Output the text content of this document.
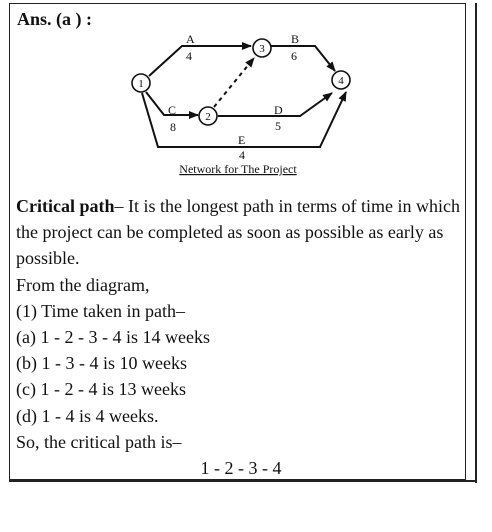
Ans. (a ) :
A
4
B
6
C
8
D
5
E
4
1
2
3
4
Network for The Project

Critical path– It is the longest path in terms of time in which the project can be completed as soon as possible as early as possible.

From the diagram,

(1) Time taken in path–

(a) 1 - 2 - 3 - 4 is 14 weeks

(b) 1 - 3 - 4 is 10 weeks

(c) 1 - 2 - 4 is 13 weeks

(d) 1 - 4 is 4 weeks.

So, the critical path is–

1 - 2 - 3 - 4
